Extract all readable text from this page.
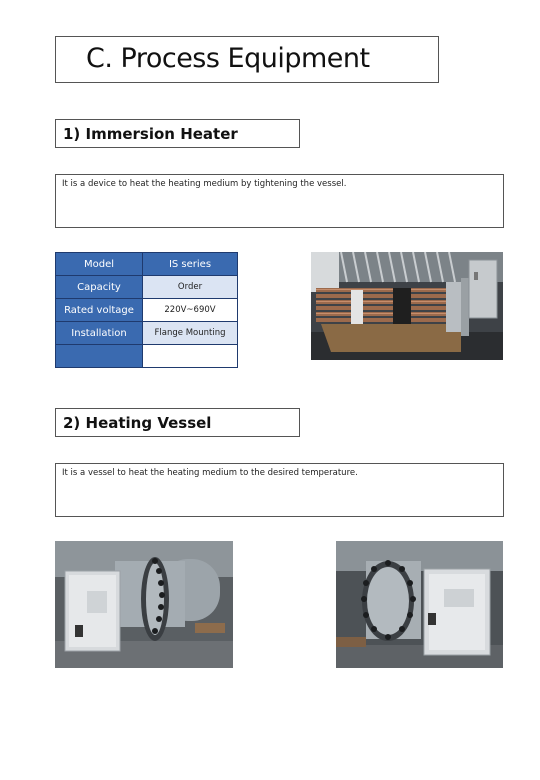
C. Process Equipment
1) Immersion Heater
It is a device to heat the heating medium by tightening the vessel.
Model	IS series
Capacity	Order
Rated voltage	220V~690V
Installation	Flange Mounting

2) Heating Vessel
It is a vessel to heat the heating medium to the desired temperature.
